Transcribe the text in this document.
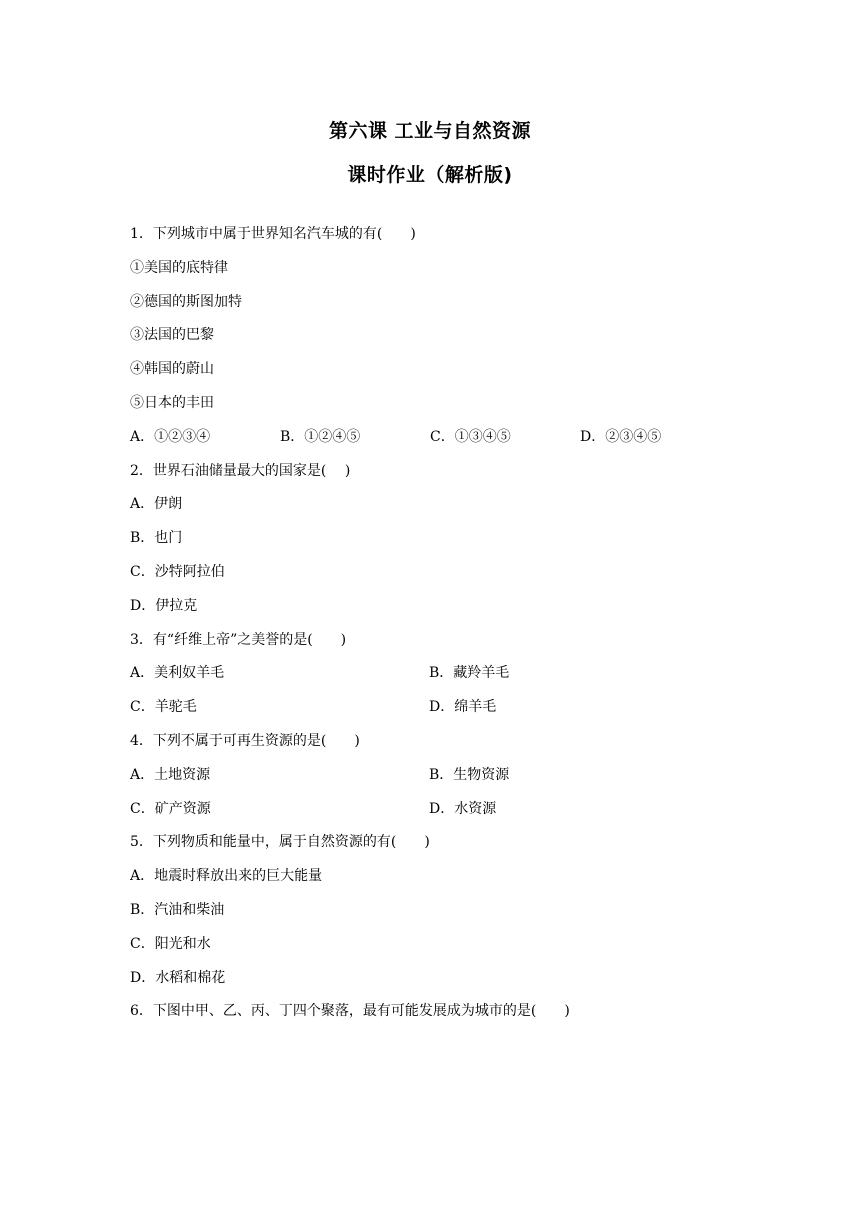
第六课 工业与自然资源
课时作业（解析版)
1．下列城市中属于世界知名汽车城的有(　　)
①美国的底特律
②德国的斯图加特
③法国的巴黎
④韩国的蔚山
⑤日本的丰田
A．①②③④	B．①②④⑤	C．①③④⑤	D．②③④⑤
2．世界石油储量最大的国家是(　 )
A．伊朗
B．也门
C．沙特阿拉伯
D．伊拉克
3．有“纤维上帝”之美誉的是(　　)
A．美利奴羊毛	B．藏羚羊毛
C．羊驼毛	D．绵羊毛
4．下列不属于可再生资源的是(　　)
A．土地资源	B．生物资源
C．矿产资源	D．水资源
5．下列物质和能量中，属于自然资源的有(　　)
A．地震时释放出来的巨大能量
B．汽油和柴油
C．阳光和水
D．水稻和棉花
6．下图中甲、乙、丙、丁四个聚落，最有可能发展成为城市的是(　　)
